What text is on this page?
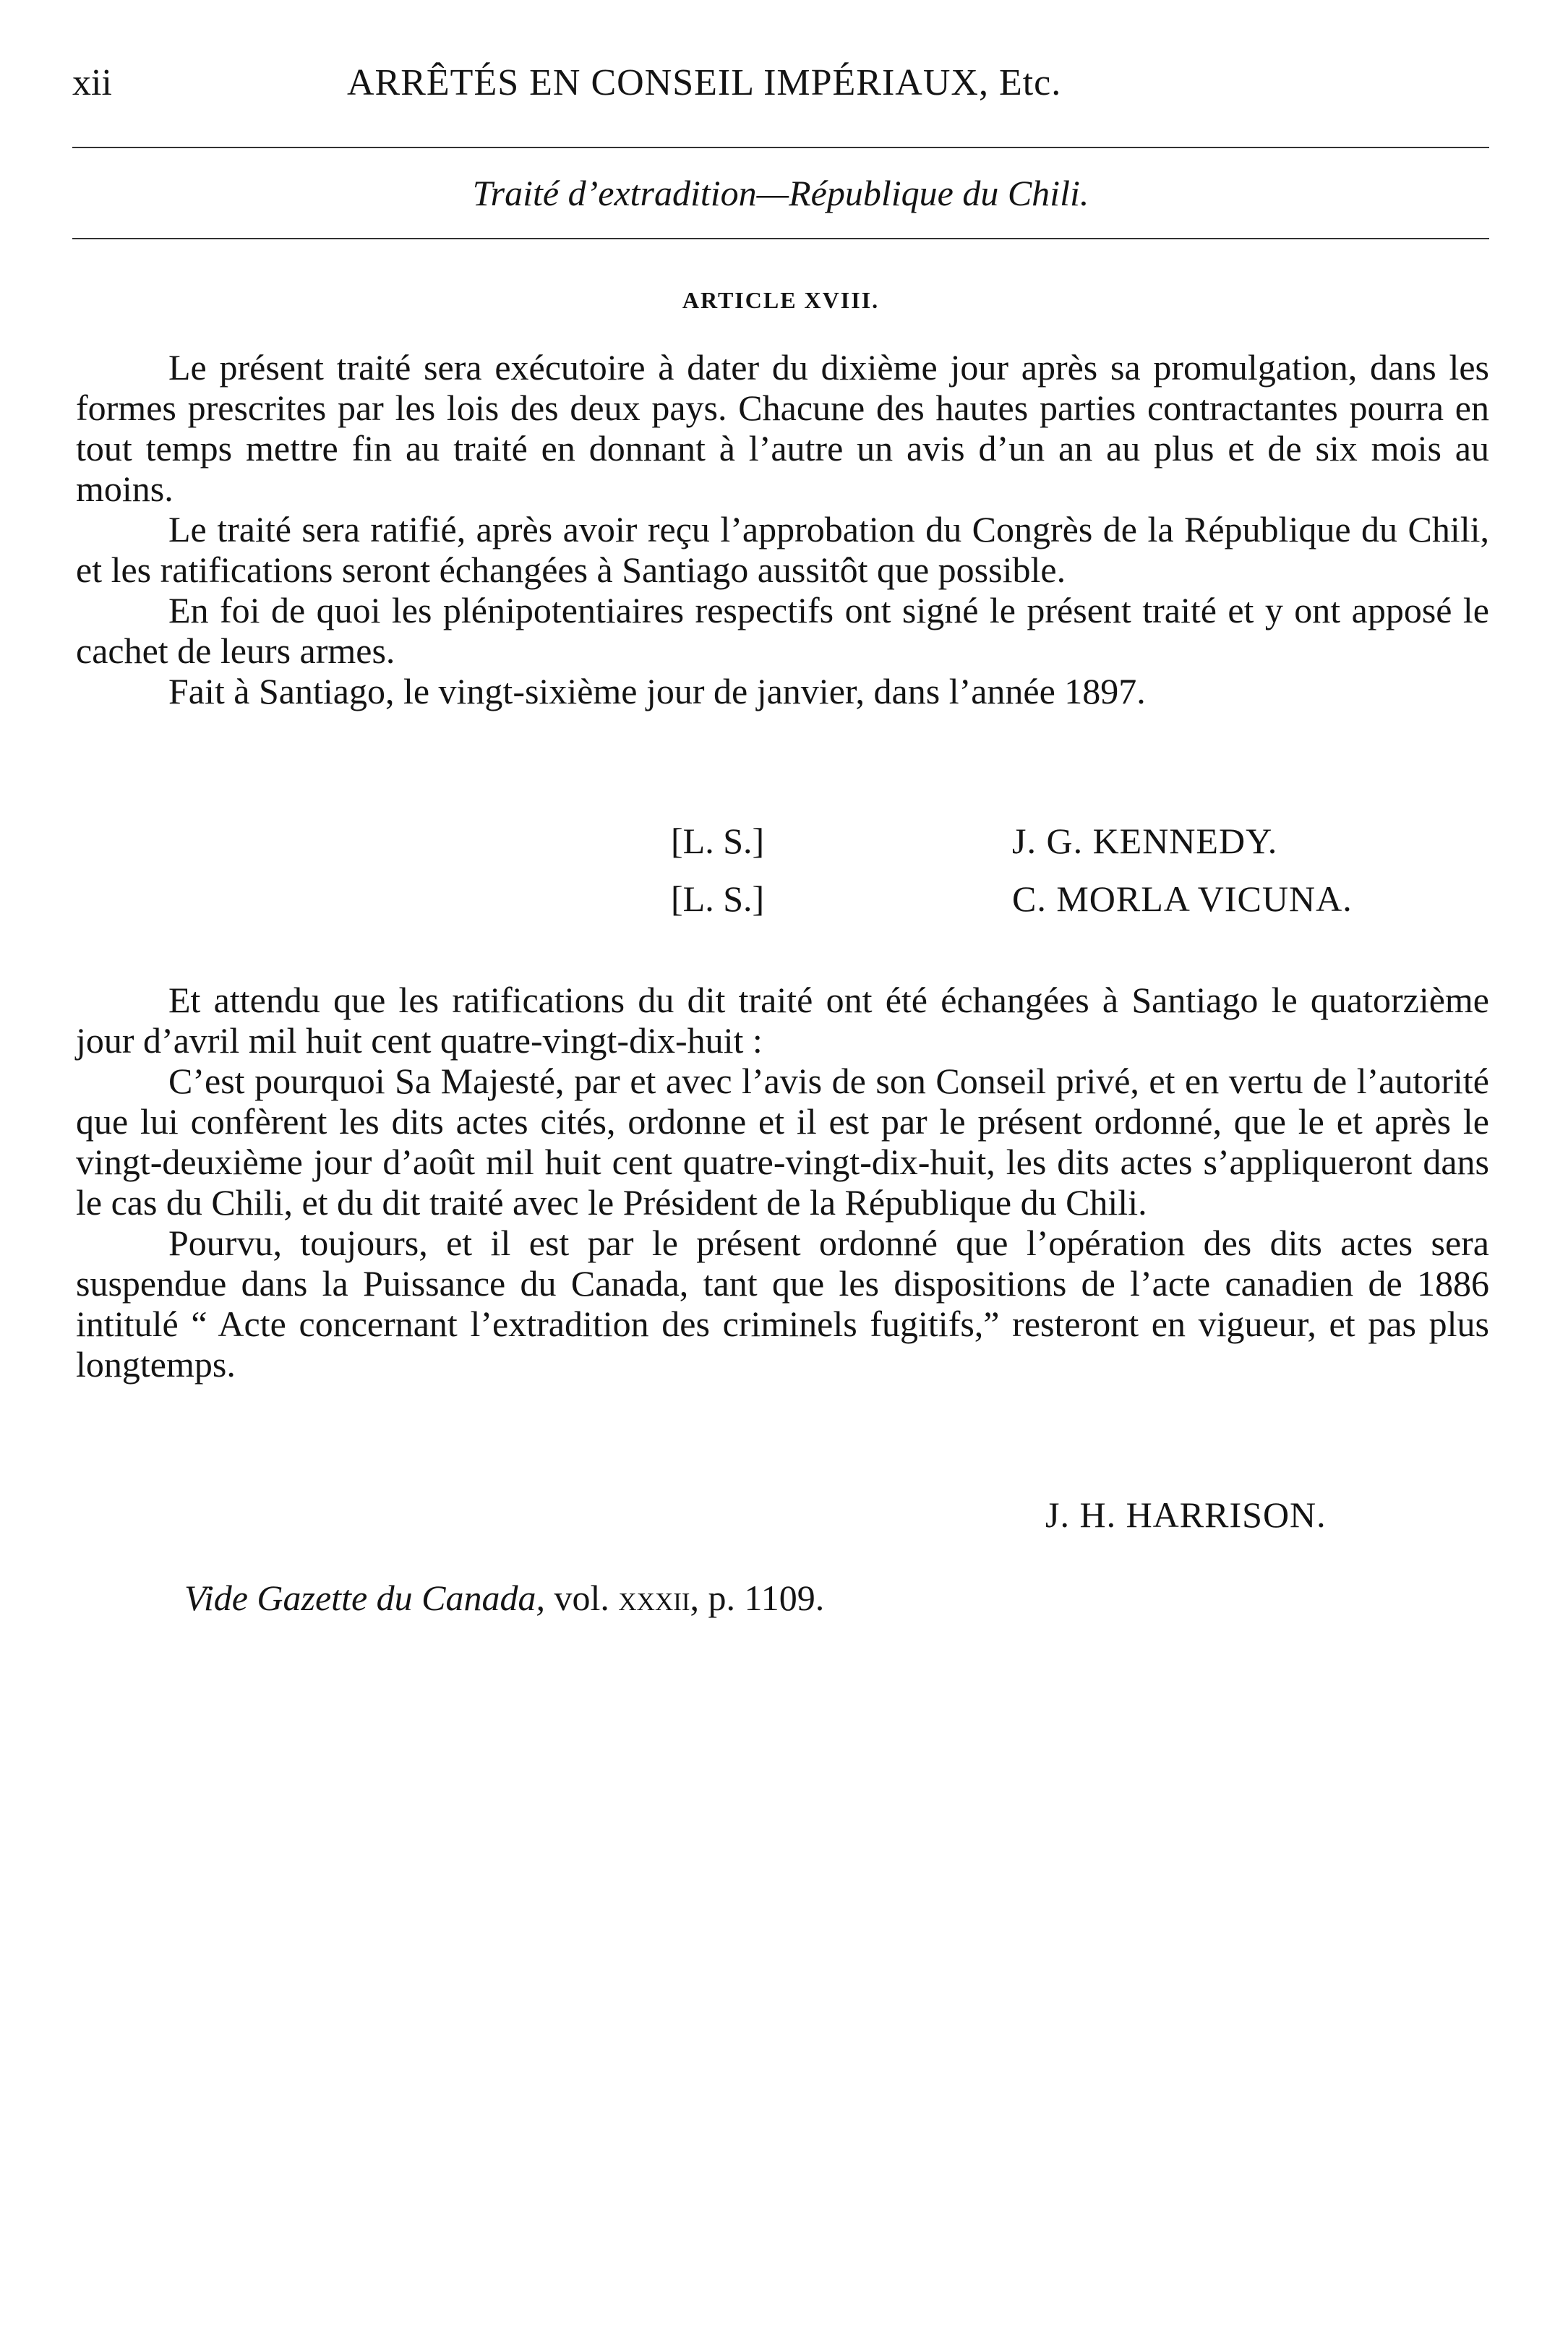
xii	ARRÊTÉS EN CONSEIL IMPÉRIAUX, Etc.
Traité d’extradition—République du Chili.
ARTICLE XVIII.

Le présent traité sera exécutoire à dater du dixième jour après sa promulgation, dans les formes prescrites par les lois des deux pays. Chacune des hautes parties contractantes pourra en tout temps mettre fin au traité en donnant à l’autre un avis d’un an au plus et de six mois au moins.

Le traité sera ratifié, après avoir reçu l’approbation du Congrès de la République du Chili, et les ratifications seront échangées à Santiago aussitôt que possible.

En foi de quoi les plénipotentiaires respectifs ont signé le présent traité et y ont apposé le cachet de leurs armes.

Fait à Santiago, le vingt-sixième jour de janvier, dans l’année 1897.

[L. S.]	J. G. KENNEDY.
[L. S.]	C. MORLA VICUNA.

Et attendu que les ratifications du dit traité ont été échangées à Santiago le quatorzième jour d’avril mil huit cent quatre-vingt-dix-huit :

C’est pourquoi Sa Majesté, par et avec l’avis de son Conseil privé, et en vertu de l’autorité que lui confèrent les dits actes cités, ordonne et il est par le présent ordonné, que le et après le vingt-deuxième jour d’août mil huit cent quatre-vingt-dix-huit, les dits actes s’appliqueront dans le cas du Chili, et du dit traité avec le Président de la République du Chili.

Pourvu, toujours, et il est par le présent ordonné que l’opération des dits actes sera suspendue dans la Puissance du Canada, tant que les dispositions de l’acte canadien de 1886 intitulé “ Acte concernant l’extradition des criminels fugitifs,” resteront en vigueur, et pas plus longtemps.

J. H. HARRISON.
Vide Gazette du Canada, vol. xxxii, p. 1109.
